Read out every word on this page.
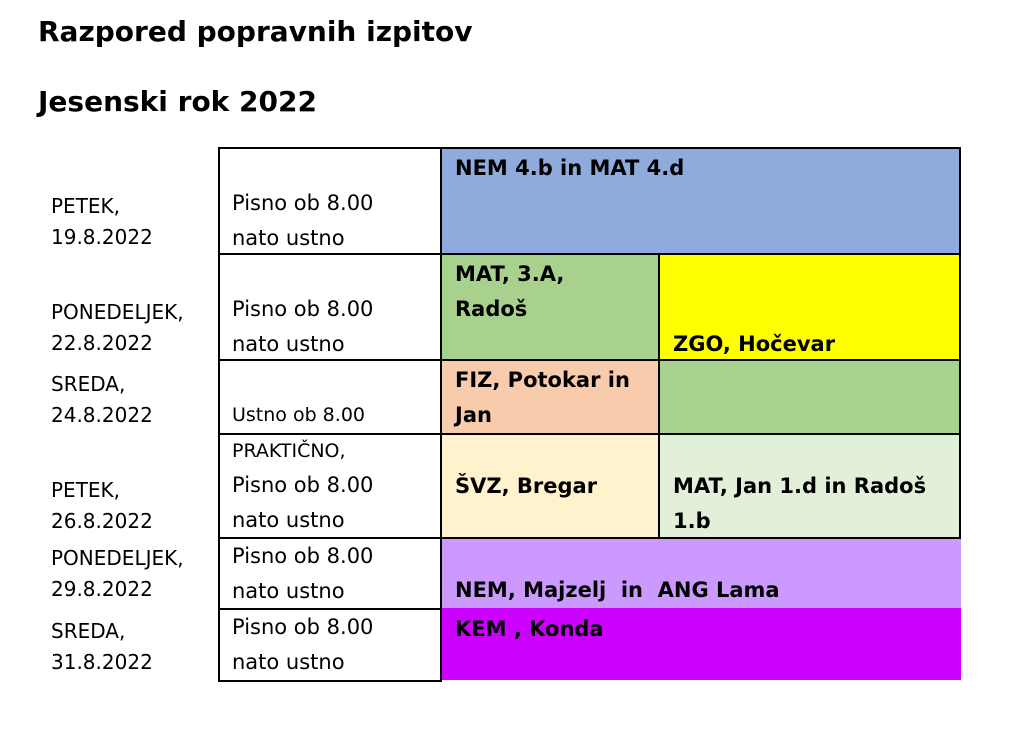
Razpored popravnih izpitov
Jesenski rok 2022
PETEK,
19.8.2022
PONEDELJEK,
22.8.2022
SREDA,
24.8.2022
PETEK,
26.8.2022
PONEDELJEK,
29.8.2022
SREDA,
31.8.2022
Pisno ob 8.00
nato ustno
Pisno ob 8.00
nato ustno
Ustno ob 8.00
PRAKTIČNO,
Pisno ob 8.00
nato ustno
Pisno ob 8.00
nato ustno
Pisno ob 8.00
nato ustno
NEM 4.b in MAT 4.d
MAT, 3.A,
Radoš
ZGO, Hočevar
FIZ, Potokar in
Jan
ŠVZ, Bregar	MAT, Jan 1.d in Radoš
1.b
NEM, Majzelj  in  ANG Lama
KEM , Konda
